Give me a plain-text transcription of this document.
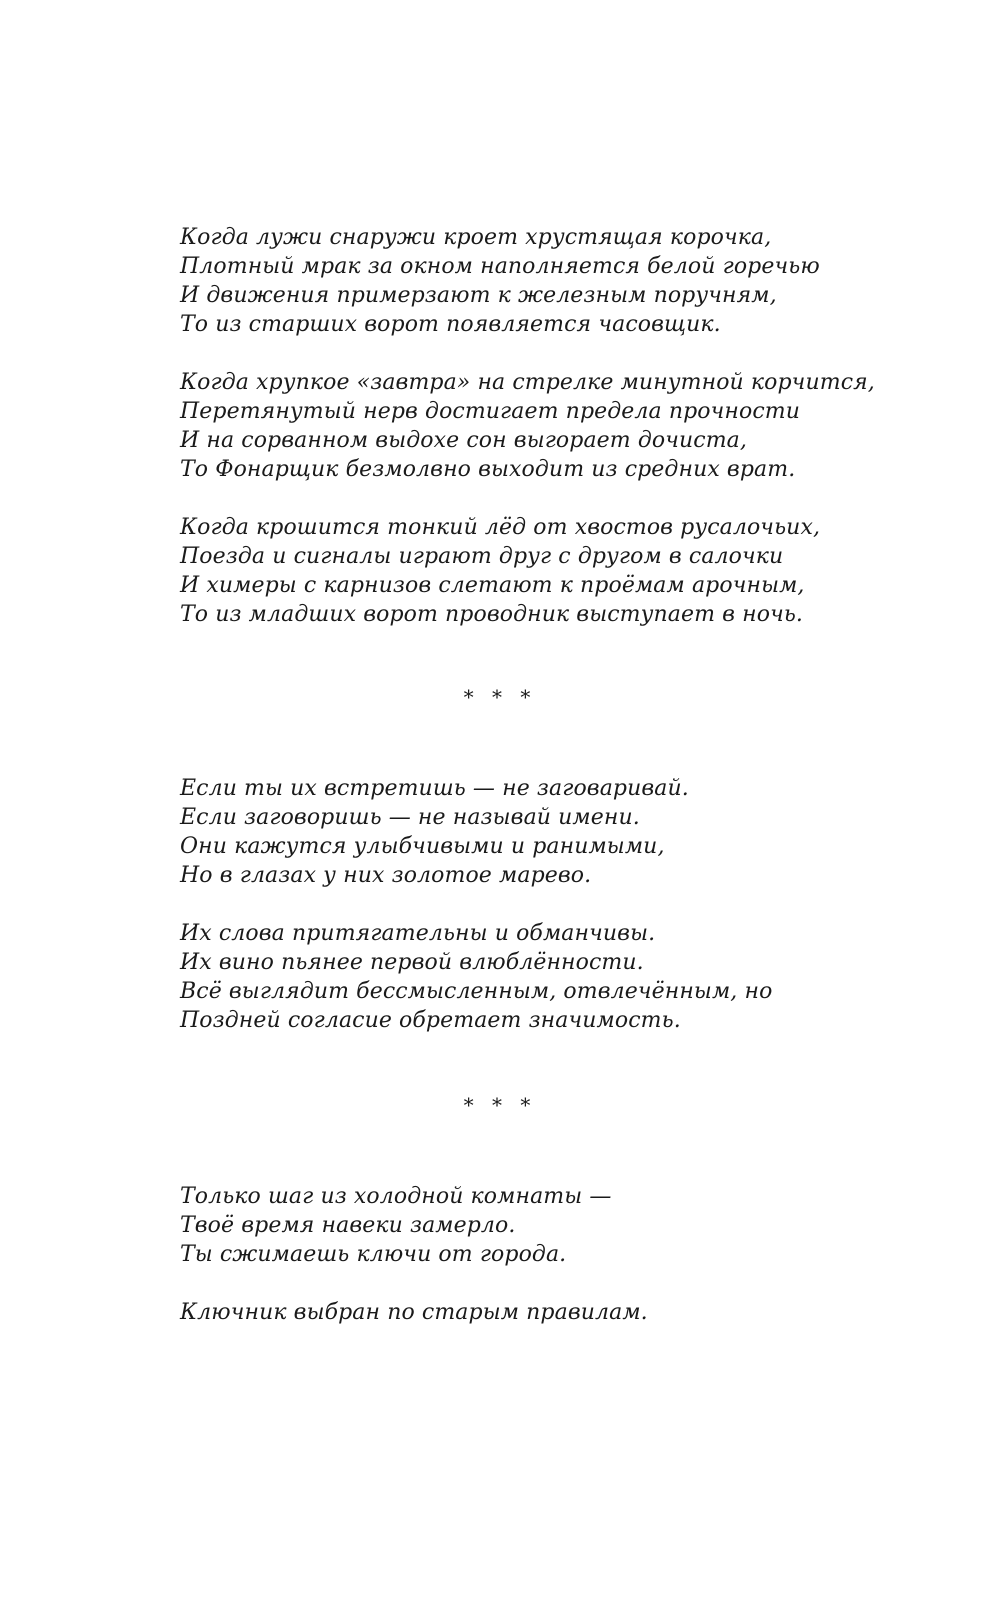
Когда лужи снаружи кроет хрустящая корочка,
Плотный мрак за окном наполняется белой горечью
И движения примерзают к железным поручням,
То из старших ворот появляется часовщик.
Когда хрупкое «завтра» на стрелке минутной корчится,
Перетянутый нерв достигает предела прочности
И на сорванном выдохе сон выгорает дочиста,
То Фонарщик безмолвно выходит из средних врат.
Когда крошится тонкий лёд от хвостов русалочьих,
Поезда и сигналы играют друг с другом в салочки
И химеры с карнизов слетают к проёмам арочным,
То из младших ворот проводник выступает в ночь.
* * *
Если ты их встретишь — не заговаривай.
Если заговоришь — не называй имени.
Они кажутся улыбчивыми и ранимыми,
Но в глазах у них золотое марево.
Их слова притягательны и обманчивы.
Их вино пьянее первой влюблённости.
Всё выглядит бессмысленным, отвлечённым, но
Поздней согласие обретает значимость.
* * *
Только шаг из холодной комнаты —
Твоё время навеки замерло.
Ты сжимаешь ключи от города.
Ключник выбран по старым правилам.
